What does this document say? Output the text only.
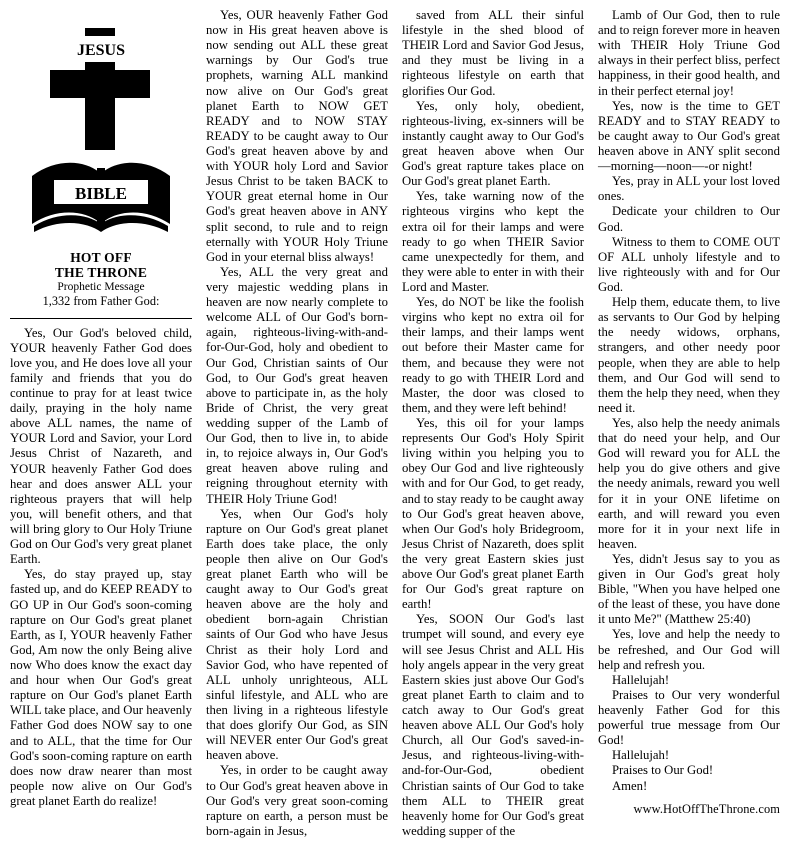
JESUS
BIBLE
HOT OFF
THE THRONE
Prophetic Message
1,332 from Father God:

Yes, Our God's beloved child, YOUR heavenly Father God does love you, and He does love all your family and friends that you do continue to pray for at least twice daily, praying in the holy name above ALL names, the name of YOUR Lord and Savior, your Lord Jesus Christ of Nazareth, and YOUR heavenly Father God does hear and does answer ALL your righteous prayers that will help you, will benefit others, and that will bring glory to Our Holy Triune God on Our God's very great planet Earth.

Yes, do stay prayed up, stay fasted up, and do KEEP READY to GO UP in Our God's soon-coming rapture on Our God's great planet Earth, as I, YOUR heavenly Father God, Am now the only Being alive now Who does know the exact day and hour when Our God's great rapture on Our God's planet Earth WILL take place, and Our heavenly Father God does NOW say to one and to ALL, that the time for Our God's soon-coming rapture on earth does now draw nearer than most people now alive on Our God's great planet Earth do realize!

Yes, OUR heavenly Father God now in His great heaven above is now sending out ALL these great warnings by Our God's true prophets, warning ALL mankind now alive on Our God's great planet Earth to NOW GET READY and to NOW STAY READY to be caught away to Our God's great heaven above by and with YOUR holy Lord and Savior Jesus Christ to be taken BACK to YOUR great eternal home in Our God's great heaven above in ANY split second, to rule and to reign eternally with YOUR Holy Triune God in your eternal bliss always!

Yes, ALL the very great and very majestic wedding plans in heaven are now nearly complete to welcome ALL of Our God's born-again, righteous-living-with-and-for-Our-God, holy and obedient to Our God, Christian saints of Our God, to Our God's great heaven above to participate in, as the holy Bride of Christ, the very great wedding supper of the Lamb of Our God, then to live in, to abide in, to rejoice always in, Our God's great heaven above ruling and reigning throughout eternity with THEIR Holy Triune God!

Yes, when Our God's holy rapture on Our God's great planet Earth does take place, the only people then alive on Our God's great planet Earth who will be caught away to Our God's great heaven above are the holy and obedient born-again Christian saints of Our God who have Jesus Christ as their holy Lord and Savior God, who have repented of ALL unholy unrighteous, ALL sinful lifestyle, and ALL who are then living in a righteous lifestyle that does glorify Our God, as SIN will NEVER enter Our God's great heaven above.

Yes, in order to be caught away to Our God's great heaven above in Our God's very great soon-coming rapture on earth, a person must be born-again in Jesus,

saved from ALL their sinful lifestyle in the shed blood of THEIR Lord and Savior God Jesus, and they must be living in a righteous lifestyle on earth that glorifies Our God.

Yes, only holy, obedient, righteous-living, ex-sinners will be instantly caught away to Our God's great heaven above when Our God's great rapture takes place on Our God's great planet Earth.

Yes, take warning now of the righteous virgins who kept the extra oil for their lamps and were ready to go when THEIR Savior came unexpectedly for them, and they were able to enter in with their Lord and Master.

Yes, do NOT be like the foolish virgins who kept no extra oil for their lamps, and their lamps went out before their Master came for them, and because they were not ready to go with THEIR Lord and Master, the door was closed to them, and they were left behind!

Yes, this oil for your lamps represents Our God's Holy Spirit living within you helping you to obey Our God and live righteously with and for Our God, to get ready, and to stay ready to be caught away to Our God's great heaven above, when Our God's holy Bridegroom, Jesus Christ of Nazareth, does split the very great Eastern skies just above Our God's great planet Earth for Our God's great rapture on earth!

Yes, SOON Our God's last trumpet will sound, and every eye will see Jesus Christ and ALL His holy angels appear in the very great Eastern skies just above Our God's great planet Earth to claim and to catch away to Our God's great heaven above ALL Our God's holy Church, all Our God's saved-in-Jesus, and righteous-living-with-and-for-Our-God, obedient Christian saints of Our God to take them ALL to THEIR great heavenly home for Our God's great wedding supper of the

Lamb of Our God, then to rule and to reign forever more in heaven with THEIR Holy Triune God always in their perfect bliss, perfect happiness, in their good health, and in their perfect eternal joy!

Yes, now is the time to GET READY and to STAY READY to be caught away to Our God's great heaven above in ANY split second—morning—noon—-or night!

Yes, pray in ALL your lost loved ones.

Dedicate your children to Our God.

Witness to them to COME OUT OF ALL unholy lifestyle and to live righteously with and for Our God.

Help them, educate them, to live as servants to Our God by helping the needy widows, orphans, strangers, and other needy poor people, when they are able to help them, and Our God will send to them the help they need, when they need it.

Yes, also help the needy animals that do need your help, and Our God will reward you for ALL the help you do give others and give the needy animals, reward you well for it in your ONE lifetime on earth, and will reward you even more for it in your next life in heaven.

Yes, didn't Jesus say to you as given in Our God's great holy Bible, "When you have helped one of the least of these, you have done it unto Me?" (Matthew 25:40)

Yes, love and help the needy to be refreshed, and Our God will help and refresh you.

Hallelujah!

Praises to Our very wonderful heavenly Father God for this powerful true message from Our God!

Hallelujah!

Praises to Our God!

Amen!

www.HotOffTheThrone.com
